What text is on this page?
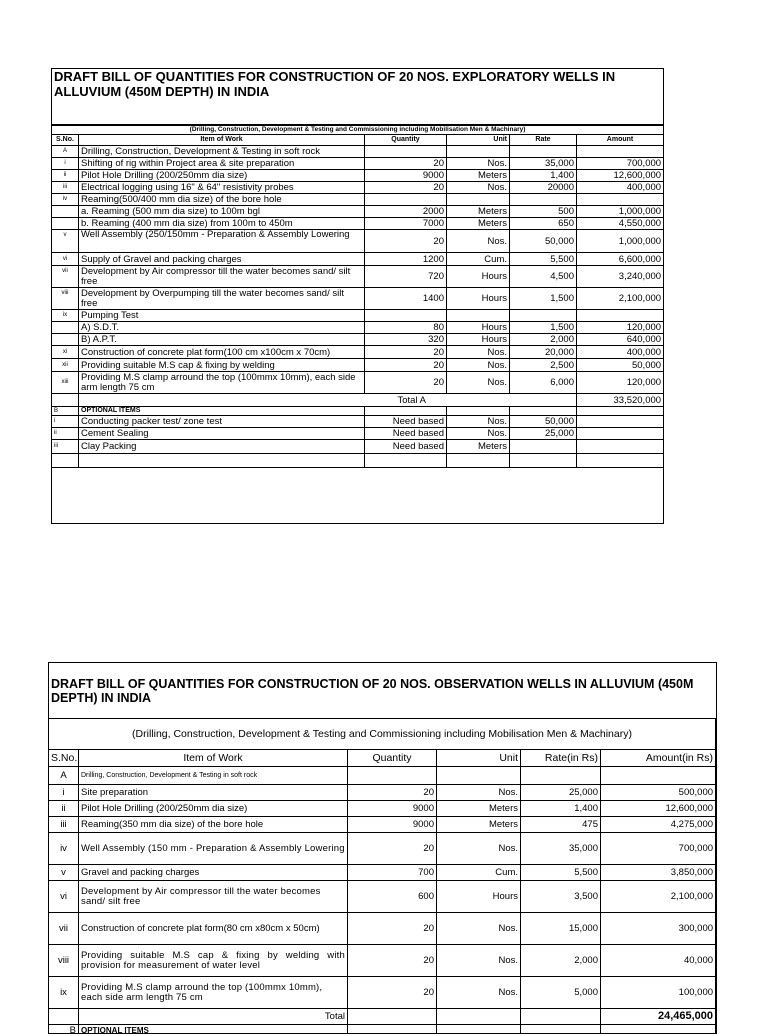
DRAFT BILL OF QUANTITIES FOR CONSTRUCTION OF 20 NOS. EXPLORATORY WELLS IN ALLUVIUM (450M DEPTH) IN INDIA
(Drilling, Construction, Development & Testing and Commissioning including Mobilisation Men & Machinary)					
S.No.	Item of Work	Quantity	Unit	Rate	Amount
A	Drilling, Construction, Development & Testing in soft rock				
i	Shifting of rig within Project area & site preparation	20	Nos.	35,000	700,000
ii	Pilot Hole Drilling (200/250mm dia size)	9000	Meters	1,400	12,600,000
iii	Electrical logging using 16" & 64" resistivity probes	20	Nos.	20000	400,000
iv	Reaming(500/400 mm dia size) of the bore hole				
	a. Reaming (500 mm dia size) to 100m bgl	2000	Meters	500	1,000,000
	b. Reaming (400 mm dia size) from 100m to 450m	7000	Meters	650	4,550,000
v	Well Assembly (250/150mm - Preparation & Assembly Lowering	20	Nos.	50,000	1,000,000
vi	Supply of Gravel and packing charges	1200	Cum.	5,500	6,600,000
vii	Development by Air compressor till the water becomes sand/ silt free	720	Hours	4,500	3,240,000
viii	Development by Overpumping till the water becomes sand/ silt free	1400	Hours	1,500	2,100,000
ix	Pumping Test				
	A) S.D.T.	80	Hours	1,500	120,000
	B) A.P.T.	320	Hours	2,000	640,000
xi	Construction of concrete plat form(100 cm x100cm x 70cm)	20	Nos.	20,000	400,000
xii	Providing suitable M.S cap & fixing by welding	20	Nos.	2,500	50,000
xiii	Providing M.S clamp arround the top (100mmx 10mm), each side arm length 75 cm	20	Nos.	6,000	120,000
	Total A				33,520,000
B	OPTIONAL ITEMS				
i	Conducting packer test/ zone test	Need based	Nos.	50,000	
ii	Cement Sealing	Need based	Nos.	25,000	
iii	Clay Packing	Need based	Meters		

DRAFT BILL OF QUANTITIES FOR CONSTRUCTION OF 20 NOS. OBSERVATION WELLS IN ALLUVIUM (450M DEPTH) IN INDIA
(Drilling, Construction, Development & Testing and Commissioning including Mobilisation Men & Machinary)					
S.No.	Item of Work	Quantity	Unit	Rate(in Rs)	Amount(in Rs)
A	Drilling, Construction, Development & Testing in soft rock				
i	Site preparation	20	Nos.	25,000	500,000
ii	Pilot Hole Drilling (200/250mm dia size)	9000	Meters	1,400	12,600,000
iii	Reaming(350 mm dia size) of the bore hole	9000	Meters	475	4,275,000
iv	Well Assembly (150 mm - Preparation & Assembly Lowering	20	Nos.	35,000	700,000
v	Gravel and packing charges	700	Cum.	5,500	3,850,000
vi	Development by Air compressor till the water becomes sand/ silt free	600	Hours	3,500	2,100,000
vii	Construction of concrete plat form(80 cm x80cm x 50cm)	20	Nos.	15,000	300,000
viii	Providing suitable M.S cap & fixing by welding with provision for measurement of water level	20	Nos.	2,000	40,000
ix	Providing M.S clamp arround the top (100mmx 10mm), each side arm length 75 cm	20	Nos.	5,000	100,000
	Total				24,465,000
B	OPTIONAL ITEMS				
